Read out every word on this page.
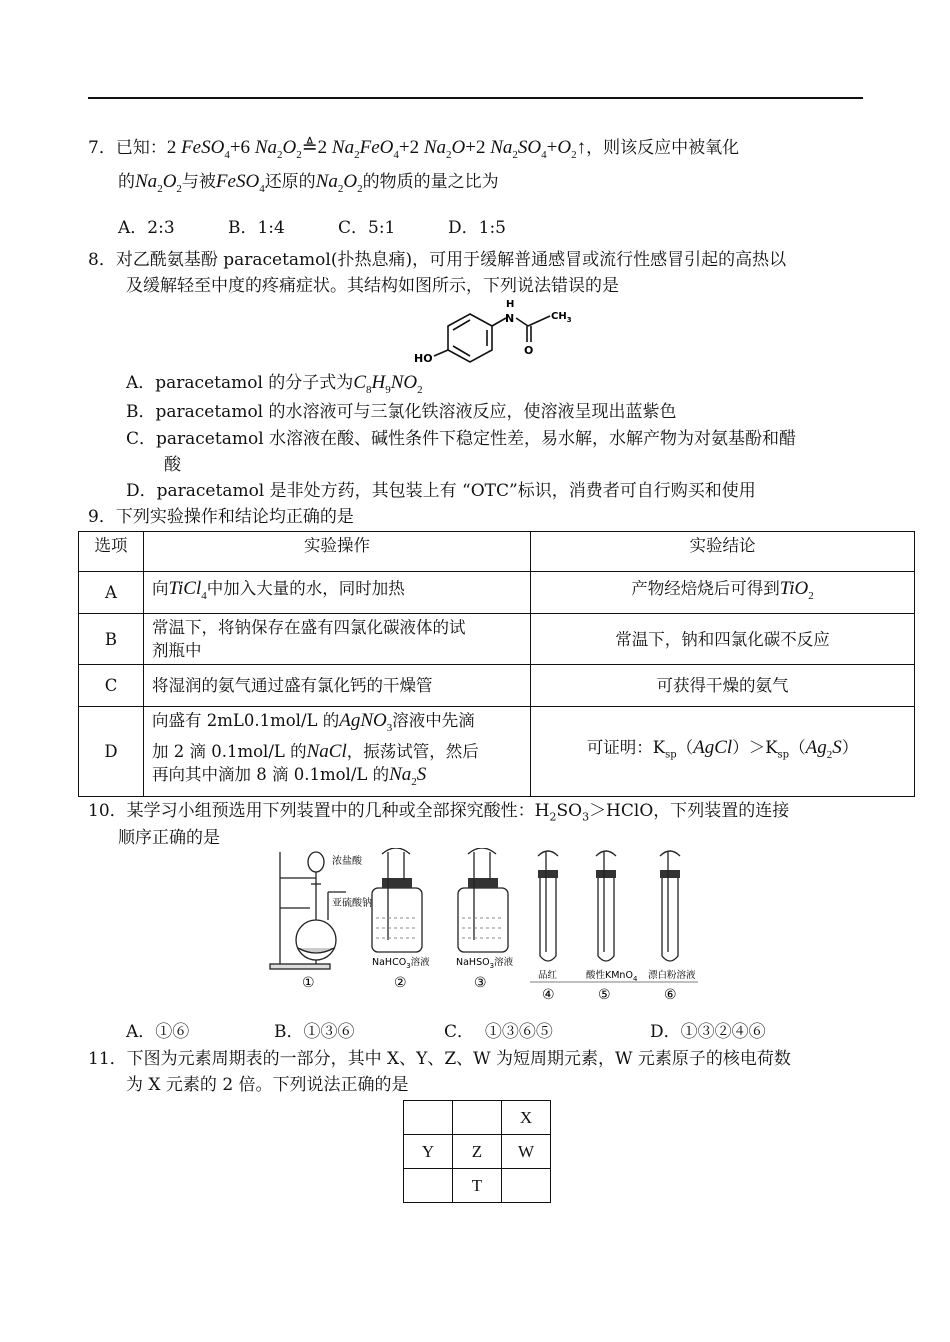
7．已知：2 FeSO$_4$+6 $Na_2O_2≜2$ $Na_2FeO_4+2$ $Na_2O+2$ $Na_2SO_4+O_2↑$，则该反应中被氧化
的$Na_2O_2$与被FeSO$_4$还原的$Na_2O_2$的物质的量之比为
A．2:3	B．1:4	C．5:1	D．1:5
8．对乙酰氨基酚 paracetamol(扑热息痛)，可用于缓解普通感冒或流行性感冒引起的高热以
及缓解轻至中度的疼痛症状。其结构如图所示，下列说法错误的是
H
N	$CH_3$
O
HO
A．paracetamol 的分子式为$C_8H_9NO_2$
B．paracetamol 的水溶液可与三氯化铁溶液反应，使溶液呈现出蓝紫色
C．paracetamol 水溶液在酸、碱性条件下稳定性差，易水解，水解产物为对氨基酚和醋
酸
D．paracetamol 是非处方药，其包装上有 “OTC”标识，消费者可自行购买和使用
9．下列实验操作和结论均正确的是
选项	实验操作	实验结论
A	向TiCl$_4$中加入大量的水，同时加热	产物经焙烧后可得到TiO$_2$
B	常温下，将钠保存在盛有四氯化碳液体的试
剂瓶中	常温下，钠和四氯化碳不反应
C	将湿润的氨气通过盛有氯化钙的干燥管	可获得干燥的氨气
D	向盛有 2mL0.1mol/L 的AgNO$_3$溶液中先滴
加 2 滴 0.1mol/L 的NaCl，振荡试管，然后
再向其中滴加 8 滴 0.1mol/L 的$Na_2S$	可证明：$K_{sp}(AgCl)>K_{sp}(Ag_2S)$
10．某学习小组预选用下列装置中的几种或全部探究酸性：$H_2SO_3>HClO$，下列装置的连接
顺序正确的是
浓盐酸
亚硫酸钠
NaHCO$_3$溶液	NaHSO$_3$溶液
品红	酸性KMnO$_4$ 漂白粉溶液
①	②	③
④	⑤	⑥
A．①⑥	B．①③⑥	C．  ①③⑥⑤	D．①③②④⑥
11．下图为元素周期表的一部分，其中 X、Y、Z、W 为短周期元素，W 元素原子的核电荷数
为 X 元素的 2 倍。下列说法正确的是
		X
Y	Z	W
	T	
